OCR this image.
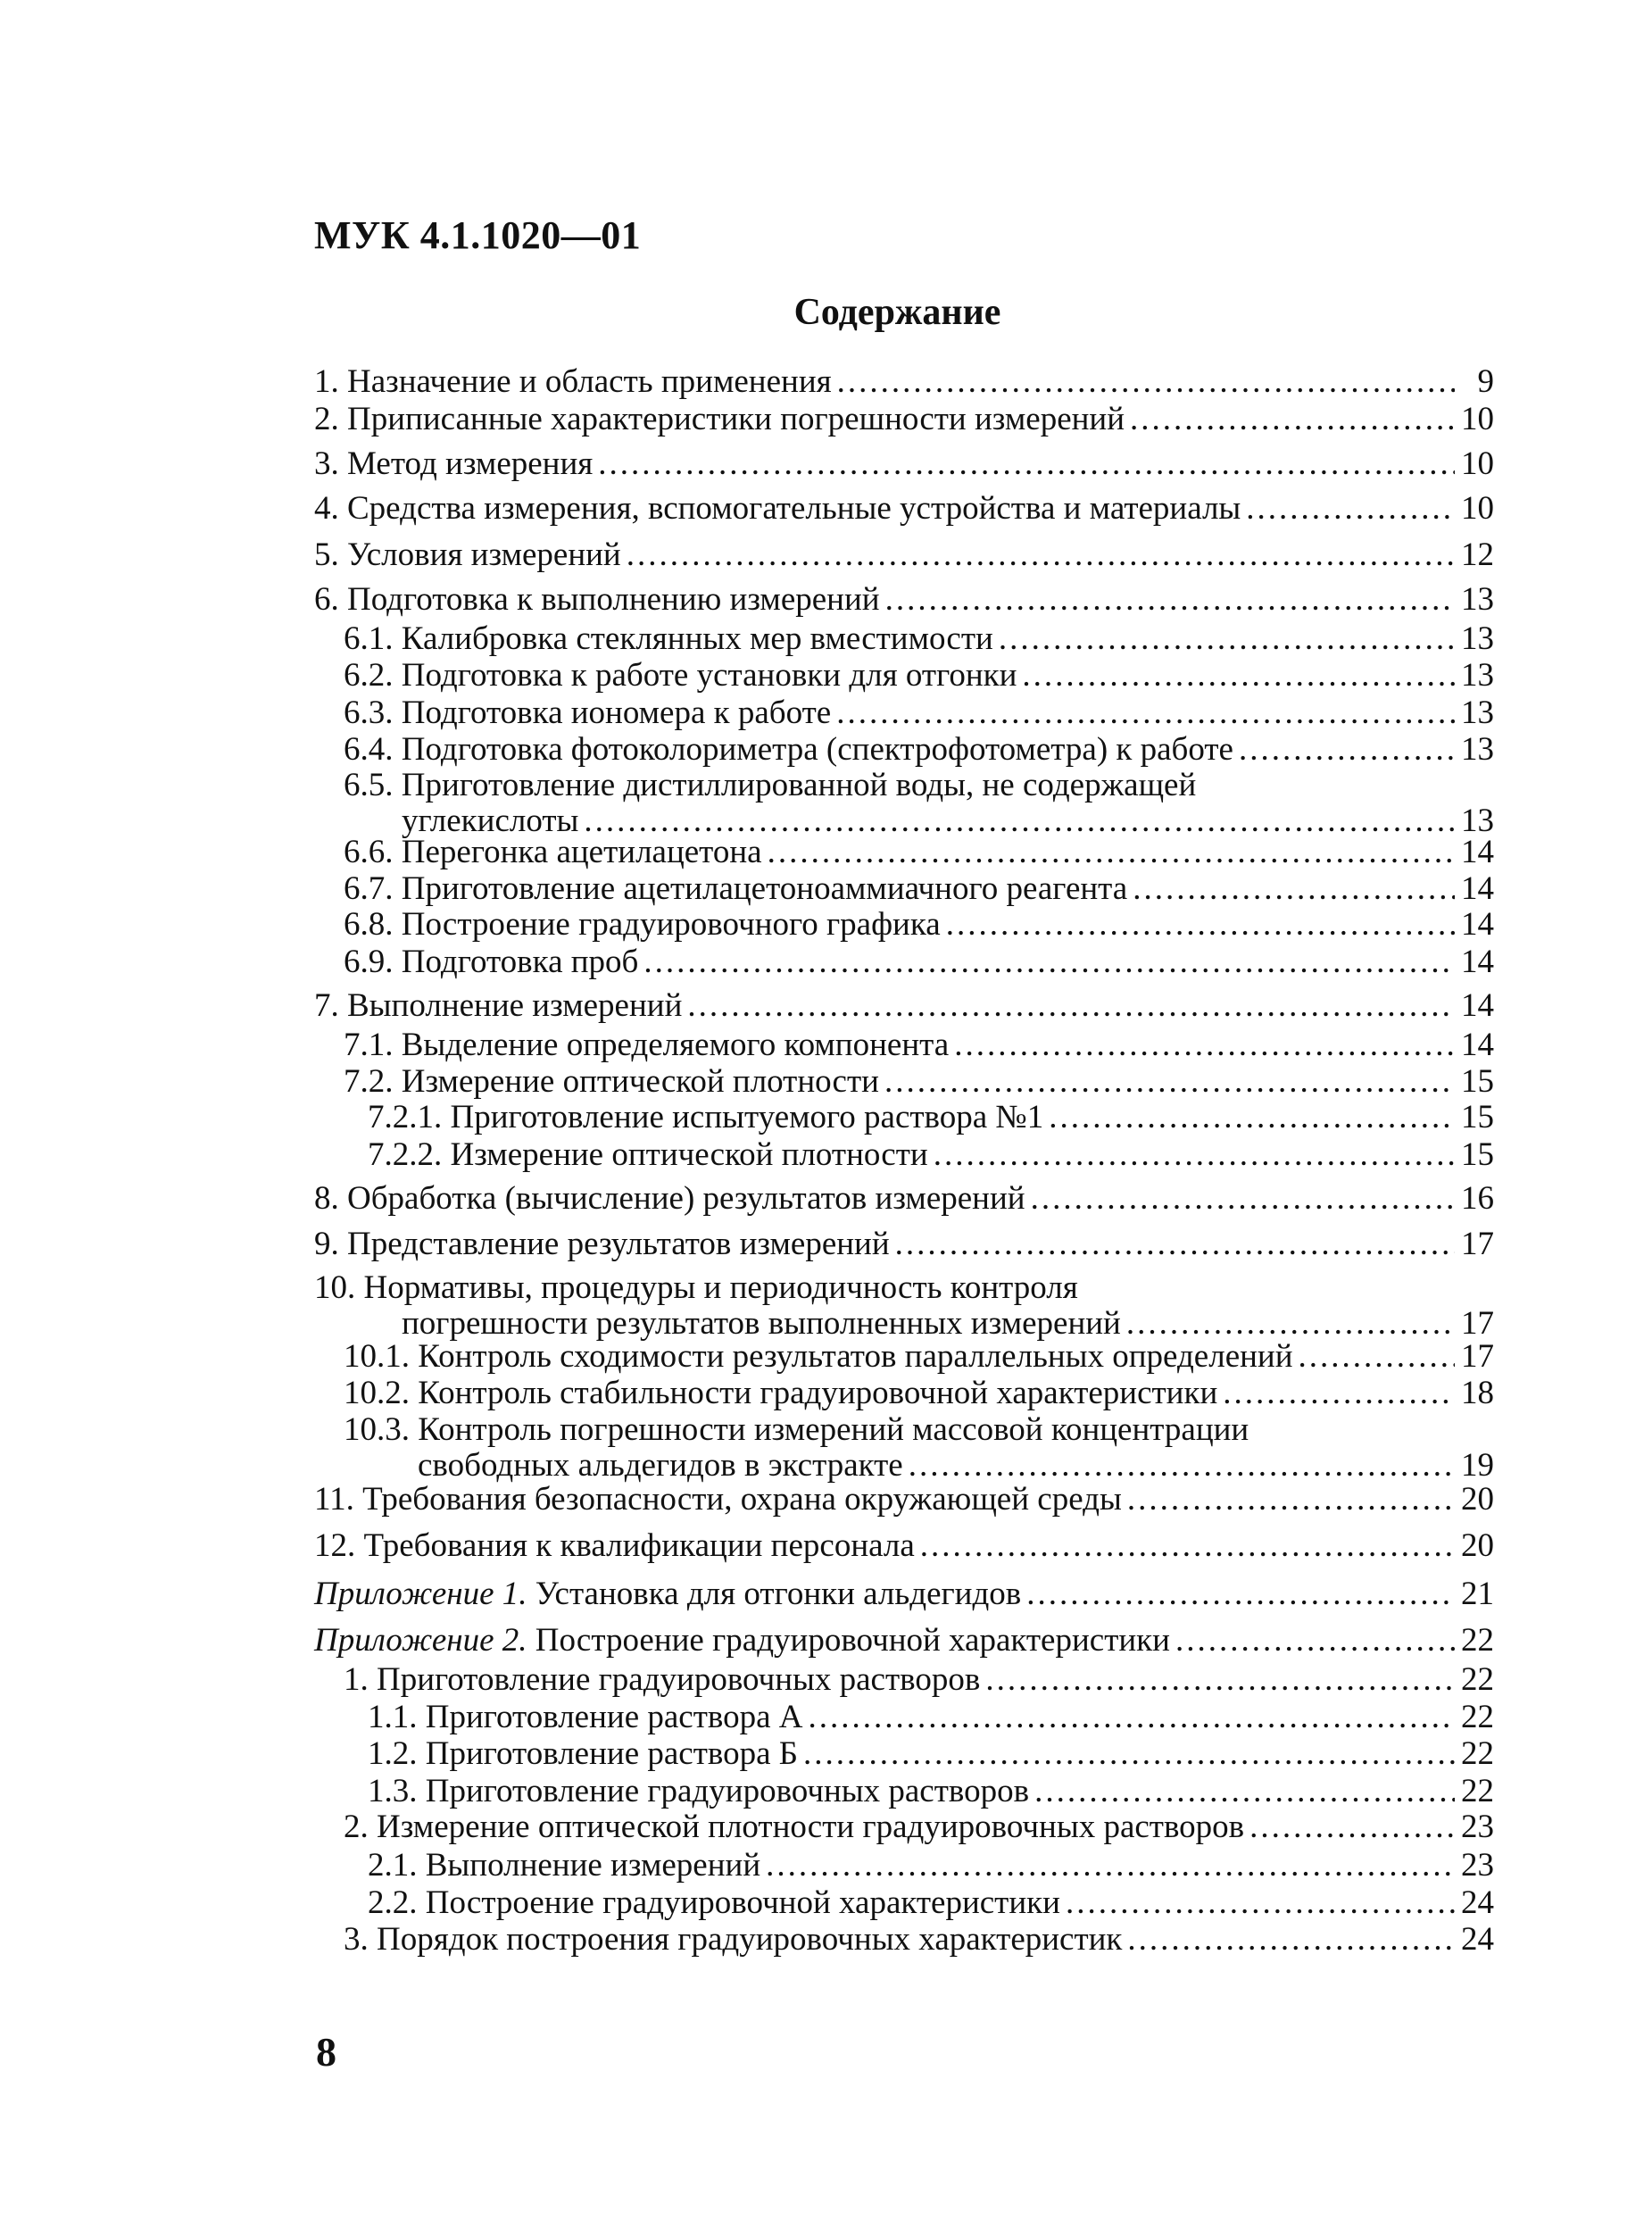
МУК 4.1.1020—01
Содержание
1. Назначение и область применения .....	9
2. Приписанные характеристики погрешности измерений .....	10
3. Метод измерения .....	10
4. Средства измерения, вспомогательные устройства и материалы .....	10
5. Условия измерений .....	12
6. Подготовка к выполнению измерений .....	13
6.1. Калибровка стеклянных мер вместимости .....	13
6.2. Подготовка к работе установки для отгонки .....	13
6.3. Подготовка иономера к работе .....	13
6.4. Подготовка фотоколориметра (спектрофотометра) к работе .....	13
6.5. Приготовление дистиллированной воды, не содержащей
углекислоты .....	13
6.6. Перегонка ацетилацетона .....	14
6.7. Приготовление ацетилацетоноаммиачного реагента .....	14
6.8. Построение градуировочного графика .....	14
6.9. Подготовка проб .....	14
7. Выполнение измерений .....	14
7.1. Выделение определяемого компонента .....	14
7.2. Измерение оптической плотности .....	15
7.2.1. Приготовление испытуемого раствора №1 .....	15
7.2.2. Измерение оптической плотности .....	15
8. Обработка (вычисление) результатов измерений .....	16
9. Представление результатов измерений .....	17
10. Нормативы, процедуры и периодичность контроля
погрешности результатов выполненных измерений .....	17
10.1. Контроль сходимости результатов параллельных определений .....	17
10.2. Контроль стабильности градуировочной характеристики .....	18
10.3. Контроль погрешности измерений массовой концентрации
свободных альдегидов в экстракте .....	19
11. Требования безопасности, охрана окружающей среды .....	20
12. Требования к квалификации персонала .....	20
Приложение 1. Установка для отгонки альдегидов .....	21
Приложение 2. Построение градуировочной характеристики .....	22
1. Приготовление градуировочных растворов .....	22
1.1. Приготовление раствора А .....	22
1.2. Приготовление раствора Б .....	22
1.3. Приготовление градуировочных растворов .....	22
2. Измерение оптической плотности градуировочных растворов .....	23
2.1. Выполнение измерений .....	23
2.2. Построение градуировочной характеристики .....	24
3. Порядок построения градуировочных характеристик .....	24
8
